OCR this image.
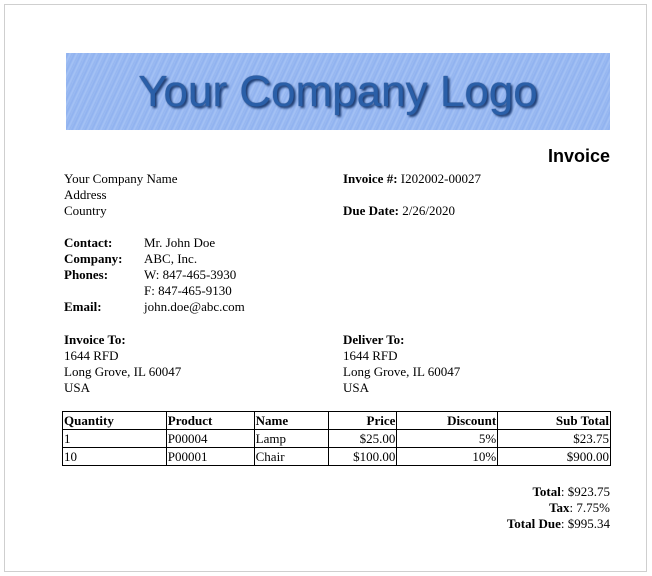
Your Company Logo
Invoice
Your Company Name
Address
Country
Invoice #: I202002-00027
Due Date: 2/26/2020
Contact:	Mr. John Doe
Company:	ABC, Inc.
Phones:	W: 847-465-3930
F: 847-465-9130
Email:	john.doe@abc.com
Invoice To:
1644 RFD
Long Grove, IL 60047
USA
Deliver To:
1644 RFD
Long Grove, IL 60047
USA
Quantity	Product	Name	Price	Discount	Sub Total
1	P00004	Lamp	$25.00	5%	$23.75
10	P00001	Chair	$100.00	10%	$900.00
Total: $923.75
Tax: 7.75%
Total Due: $995.34
